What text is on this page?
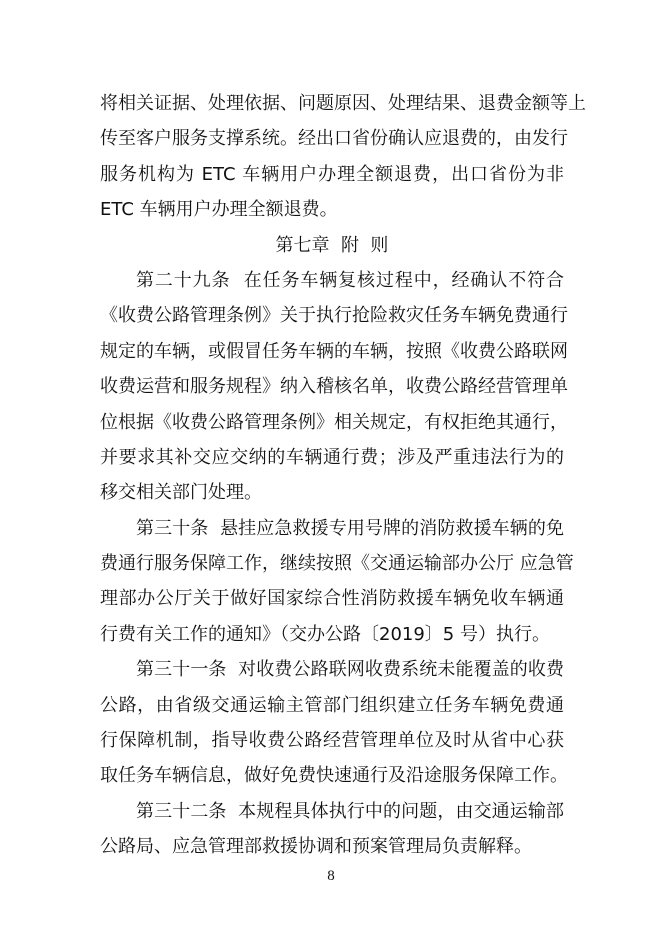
将相关证据、处理依据、问题原因、处理结果、退费金额等上
传至客户服务支撑系统。经出口省份确认应退费的，由发行
服务机构为 ETC 车辆用户办理全额退费，出口省份为非
ETC 车辆用户办理全额退费。
第七章  附  则
第二十九条  在任务车辆复核过程中，经确认不符合
《收费公路管理条例》关于执行抢险救灾任务车辆免费通行
规定的车辆，或假冒任务车辆的车辆，按照《收费公路联网
收费运营和服务规程》纳入稽核名单，收费公路经营管理单
位根据《收费公路管理条例》相关规定，有权拒绝其通行，
并要求其补交应交纳的车辆通行费；涉及严重违法行为的
移交相关部门处理。
第三十条  悬挂应急救援专用号牌的消防救援车辆的免
费通行服务保障工作，继续按照《交通运输部办公厅 应急管
理部办公厅关于做好国家综合性消防救援车辆免收车辆通
行费有关工作的通知》（交办公路〔2019〕5 号）执行。
第三十一条  对收费公路联网收费系统未能覆盖的收费
公路，由省级交通运输主管部门组织建立任务车辆免费通
行保障机制，指导收费公路经营管理单位及时从省中心获
取任务车辆信息，做好免费快速通行及沿途服务保障工作。
第三十二条  本规程具体执行中的问题，由交通运输部
公路局、应急管理部救援协调和预案管理局负责解释。
8
